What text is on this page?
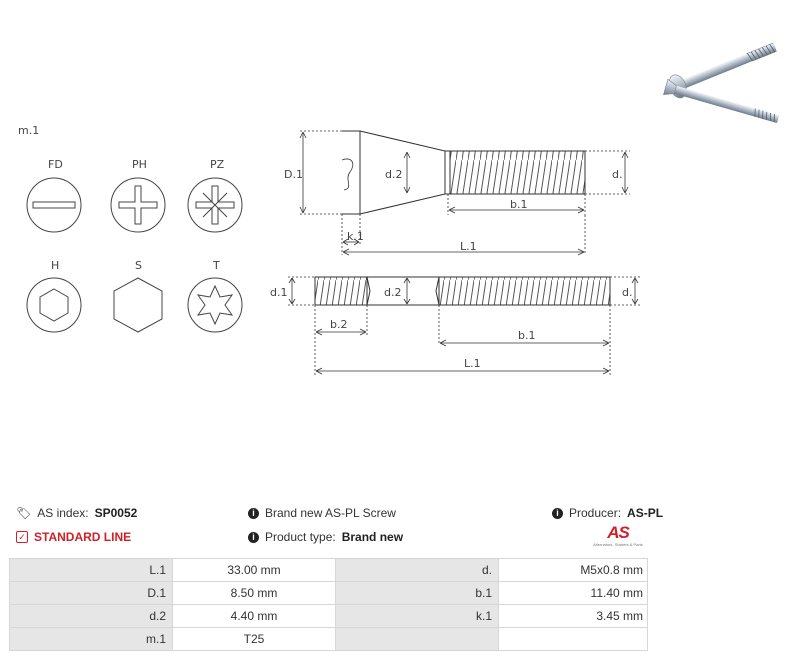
m.1
FD	PH	PZ
H	S	T
D.1	d.2	d.
b.1
k.1
L.1
d.1	d.2	d.
b.2
b.1
L.1
🏷 AS index: SP0052
✓ STANDARD LINE
i Brand new AS-PL Screw
i Product type: Brand new
i Producer: AS-PL
AS
Alternators, Starters & Parts
L.1	33.00 mm	d.	M5x0.8 mm
D.1	8.50 mm	b.1	11.40 mm
d.2	4.40 mm	k.1	3.45 mm
m.1	T25		
